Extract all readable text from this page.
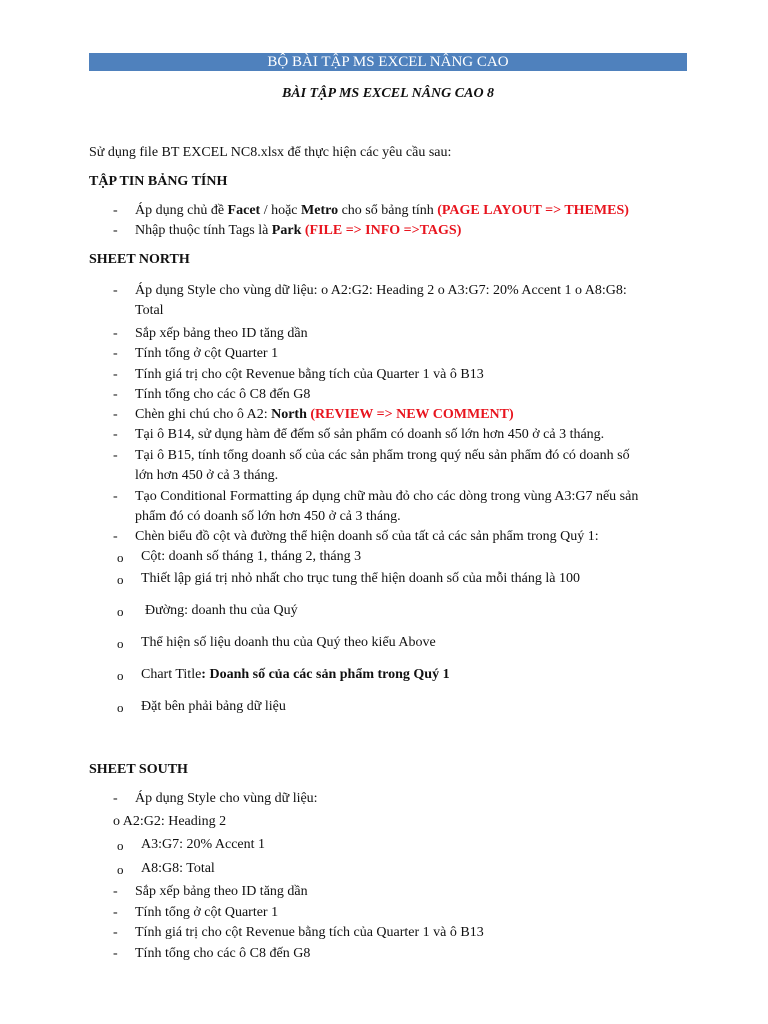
BỘ BÀI TẬP MS EXCEL NÂNG CAO
BÀI TẬP MS EXCEL NÂNG CAO 8
Sử dụng file BT EXCEL NC8.xlsx để thực hiện các yêu cầu sau:
TẬP TIN BẢNG TÍNH
- Áp dụng chủ đề Facet / hoặc Metro cho sổ bảng tính (PAGE LAYOUT => THEMES)
- Nhập thuộc tính Tags là Park (FILE => INFO =>TAGS)
SHEET NORTH
- Áp dụng Style cho vùng dữ liệu: o A2:G2: Heading 2 o A3:G7: 20% Accent 1 o A8:G8:
Total
- Sắp xếp bảng theo ID tăng dần
- Tính tổng ở cột Quarter 1
- Tính giá trị cho cột Revenue bằng tích của Quarter 1 và ô B13
- Tính tổng cho các ô C8 đến G8
- Chèn ghi chú cho ô A2: North (REVIEW => NEW COMMENT)
- Tại ô B14, sử dụng hàm để đếm số sản phẩm có doanh số lớn hơn 450 ở cả 3 tháng.
- Tại ô B15, tính tổng doanh số của các sản phẩm trong quý nếu sản phẩm đó có doanh số
lớn hơn 450 ở cả 3 tháng.
- Tạo Conditional Formatting áp dụng chữ màu đỏ cho các dòng trong vùng A3:G7 nếu sản
phẩm đó có doanh số lớn hơn 450 ở cả 3 tháng.
- Chèn biểu đồ cột và đường thể hiện doanh số của tất cả các sản phẩm trong Quý 1:
o Cột: doanh số tháng 1, tháng 2, tháng 3
o Thiết lập giá trị nhỏ nhất cho trục tung thể hiện doanh số của mỗi tháng là 100
o Đường: doanh thu của Quý
o Thể hiện số liệu doanh thu của Quý theo kiểu Above
o Chart Title: Doanh số của các sản phẩm trong Quý 1
o Đặt bên phải bảng dữ liệu
SHEET SOUTH
- Áp dụng Style cho vùng dữ liệu:
o A2:G2: Heading 2
o A3:G7: 20% Accent 1
o A8:G8: Total
- Sắp xếp bảng theo ID tăng dần
- Tính tổng ở cột Quarter 1
- Tính giá trị cho cột Revenue bằng tích của Quarter 1 và ô B13
- Tính tổng cho các ô C8 đến G8
